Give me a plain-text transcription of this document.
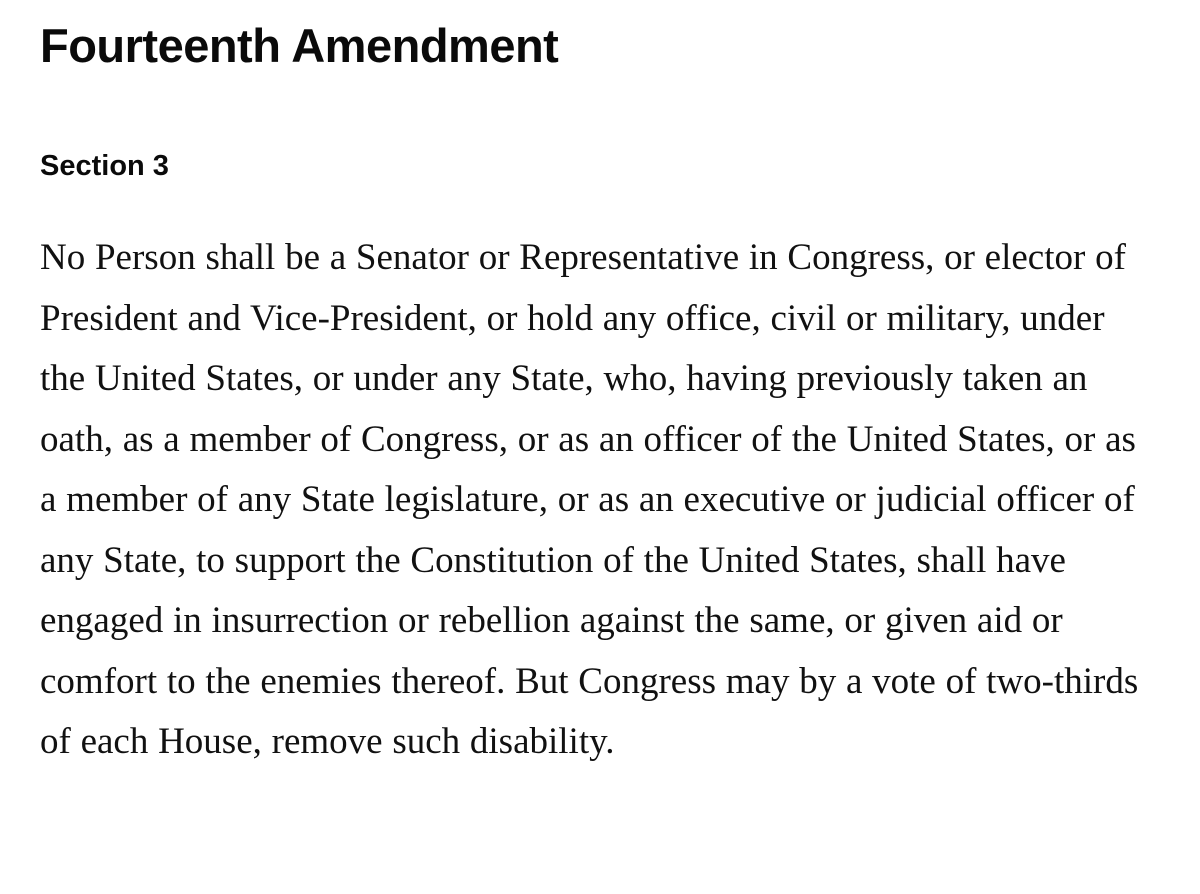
Fourteenth Amendment
Section 3

No Person shall be a Senator or Representative in Congress, or elector of President and Vice-President, or hold any office, civil or military, under the United States, or under any State, who, having previously taken an oath, as a member of Congress, or as an officer of the United States, or as a member of any State legislature, or as an executive or judicial officer of any State, to support the Constitution of the United States, shall have engaged in insurrection or rebellion against the same, or given aid or comfort to the enemies thereof. But Congress may by a vote of two-thirds of each House, remove such disability.
